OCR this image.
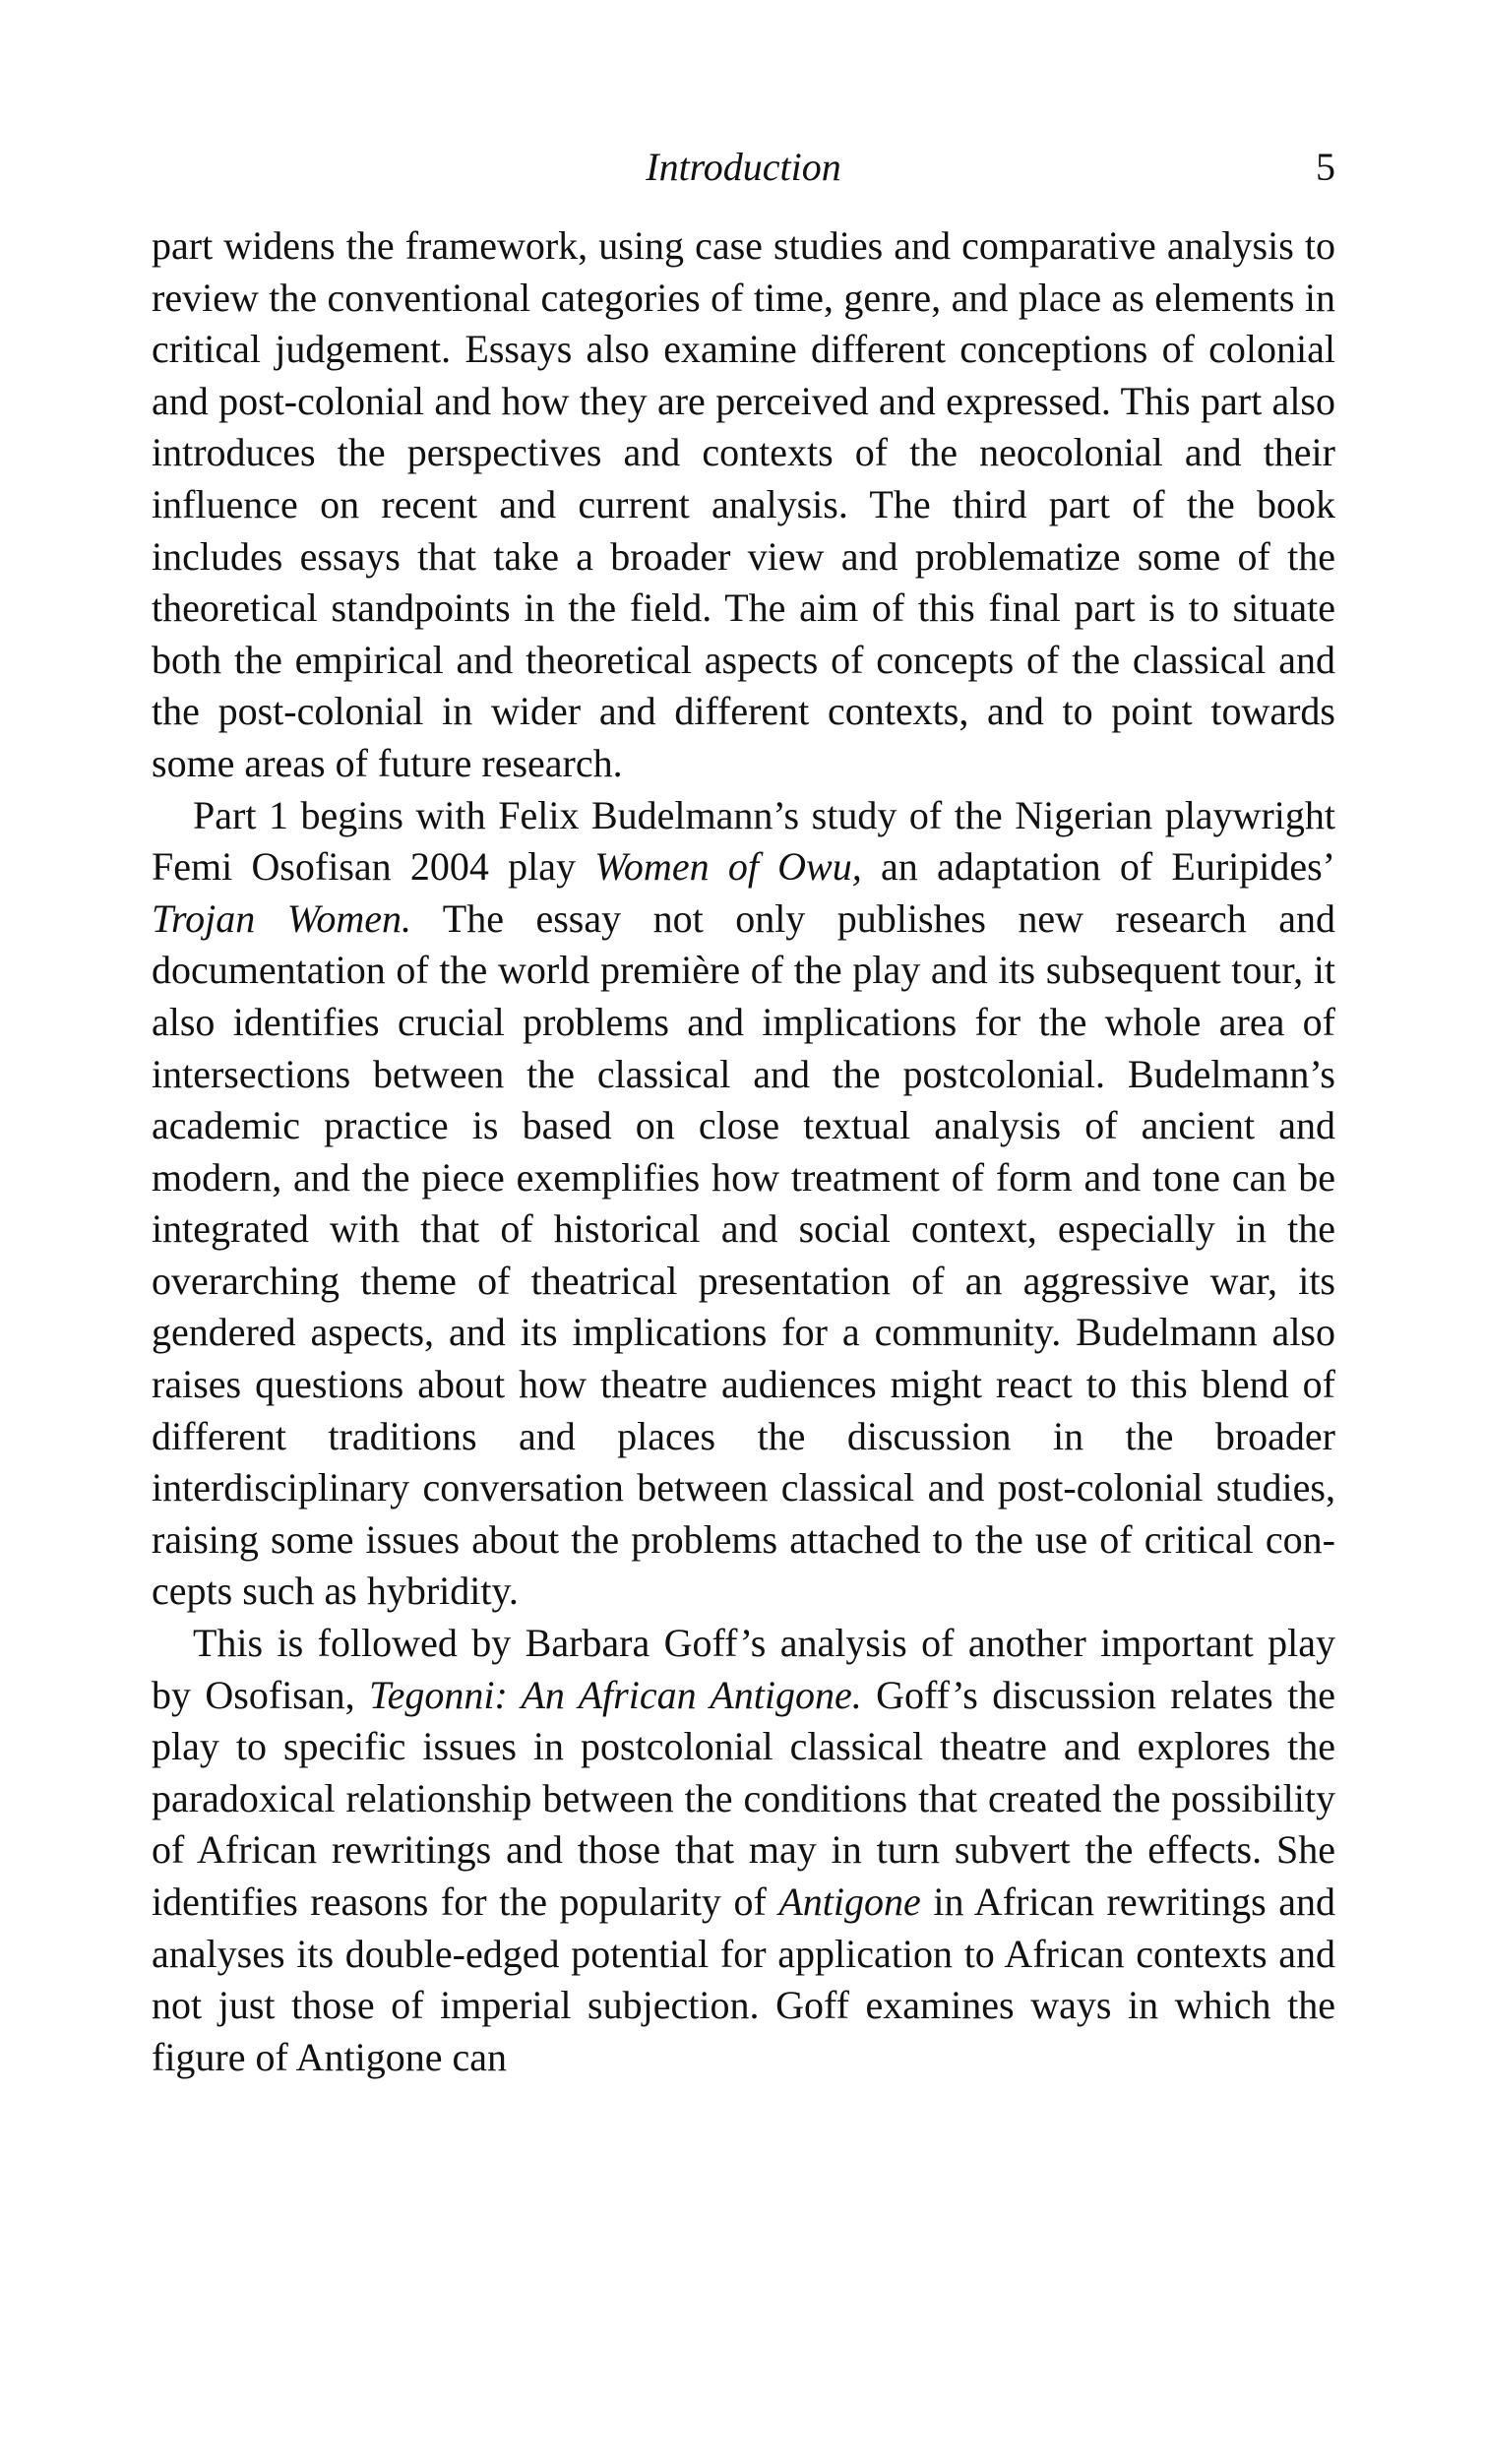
Introduction	5

part widens the framework, using case studies and comparative analysis to review the conventional categories of time, genre, and place as elements in critical judgement. Essays also examine different conceptions of colonial and post-colonial and how they are perceived and expressed. This part also introduces the perspectives and contexts of the neocolonial and their influence on recent and current analysis. The third part of the book includes essays that take a broader view and problematize some of the theoretical standpoints in the field. The aim of this final part is to situate both the empirical and theoretical aspects of concepts of the classical and the post-colonial in wider and different contexts, and to point towards some areas of future research.

Part 1 begins with Felix Budelmann’s study of the Nigerian playwright Femi Osofisan 2004 play Women of Owu, an adaptation of Euripides’ Trojan Women. The essay not only publishes new research and documentation of the world première of the play and its subsequent tour, it also identifies crucial problems and implications for the whole area of intersections between the classical and the postcolonial. Budelmann’s academic practice is based on close textual analysis of ancient and modern, and the piece exemplifies how treatment of form and tone can be integrated with that of historical and social context, especially in the overarching theme of theatrical presentation of an aggressive war, its gendered aspects, and its implications for a community. Budelmann also raises questions about how theatre audiences might react to this blend of different traditions and places the discussion in the broader interdisciplinary conversation between classical and post-colonial studies, raising some issues about the problems attached to the use of critical concepts such as hybridity.

This is followed by Barbara Goff’s analysis of another important play by Osofisan, Tegonni: An African Antigone. Goff’s discussion relates the play to specific issues in postcolonial classical theatre and explores the paradoxical relationship between the conditions that created the possibility of African rewritings and those that may in turn subvert the effects. She identifies reasons for the popularity of Antigone in African rewritings and analyses its double-edged potential for application to African contexts and not just those of imperial subjection. Goff examines ways in which the figure of Antigone can
